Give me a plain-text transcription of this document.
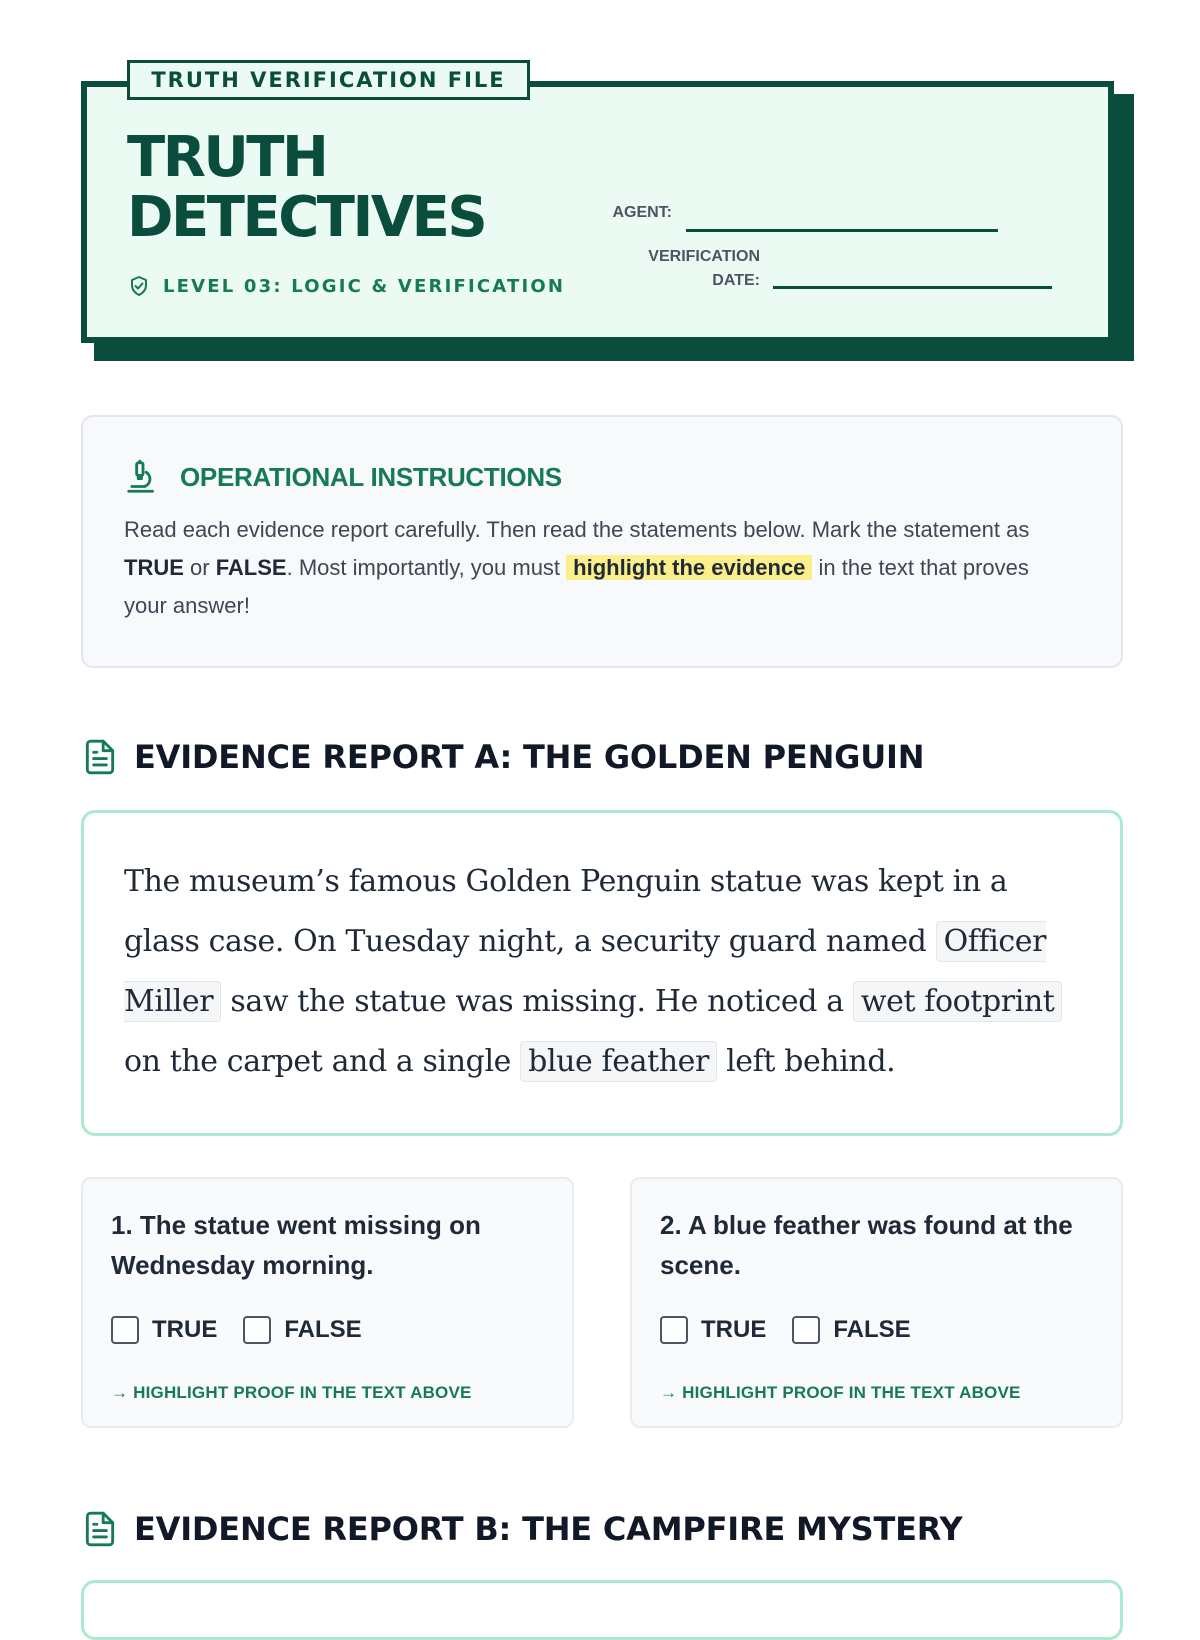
TRUTH VERIFICATION FILE
TRUTH
DETECTIVES
LEVEL 03: LOGIC & VERIFICATION
AGENT:
VERIFICATION
DATE:
OPERATIONAL INSTRUCTIONS

Read each evidence report carefully. Then read the statements below. Mark the statement as TRUE or FALSE. Most importantly, you must highlight the evidence in the text that proves your answer!

EVIDENCE REPORT A: THE GOLDEN PENGUIN

The museum’s famous Golden Penguin statue was kept in a glass case. On Tuesday night, a security guard named Officer Miller saw the statue was missing. He noticed a wet footprint on the carpet and a single blue feather left behind.

1. The statue went missing on Wednesday morning.

TRUE	FALSE
→ HIGHLIGHT PROOF IN THE TEXT ABOVE

2. A blue feather was found at the scene.

TRUE	FALSE
→ HIGHLIGHT PROOF IN THE TEXT ABOVE
EVIDENCE REPORT B: THE CAMPFIRE MYSTERY
